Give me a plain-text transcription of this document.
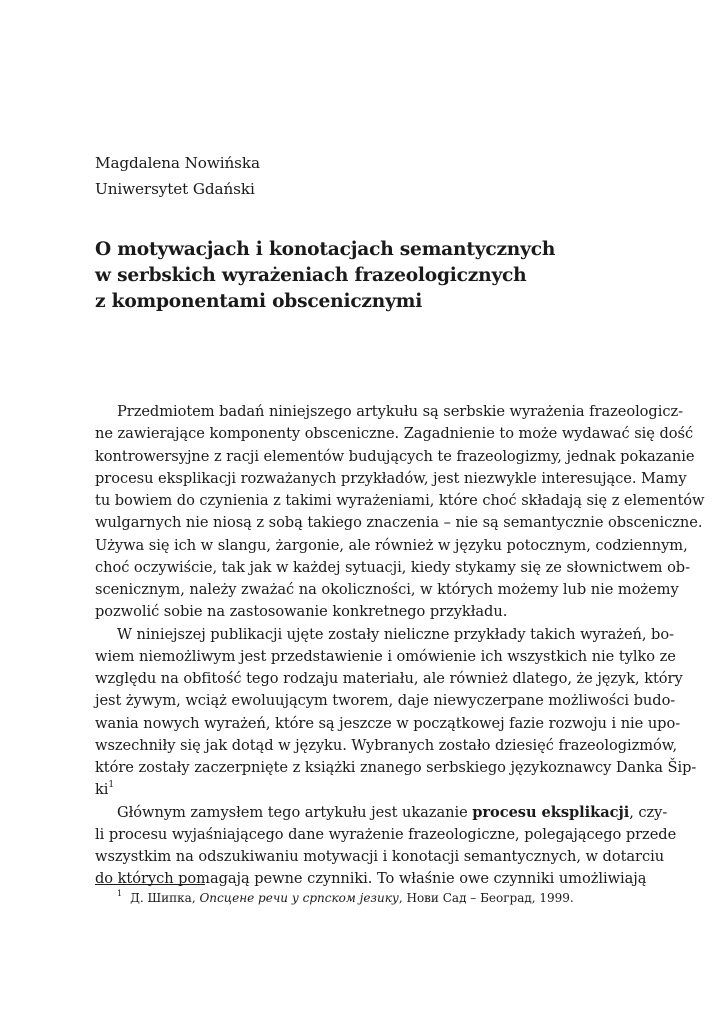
Magdalena Nowińska
Uniwersytet Gdański
O motywacjach i konotacjach semantycznych
w serbskich wyrażeniach frazeologicznych
z komponentami obscenicznymi
Przedmiotem badań niniejszego artykułu są serbskie wyrażenia frazeologicz-
ne zawierające komponenty obsceniczne. Zagadnienie to może wydawać się dość
kontrowersyjne z racji elementów budujących te frazeologizmy, jednak pokazanie
procesu eksplikacji rozważanych przykładów, jest niezwykle interesujące. Mamy
tu bowiem do czynienia z takimi wyrażeniami, które choć składają się z elementów
wulgarnych nie niosą z sobą takiego znaczenia – nie są semantycznie obsceniczne.
Używa się ich w slangu, żargonie, ale również w języku potocznym, codziennym,
choć oczywiście, tak jak w każdej sytuacji, kiedy stykamy się ze słownictwem ob-
scenicznym, należy zważać na okoliczności, w których możemy lub nie możemy
pozwolić sobie na zastosowanie konkretnego przykładu.
W niniejszej publikacji ujęte zostały nieliczne przykłady takich wyrażeń, bo-
wiem niemożliwym jest przedstawienie i omówienie ich wszystkich nie tylko ze
względu na obfitość tego rodzaju materiału, ale również dlatego, że język, który
jest żywym, wciąż ewoluującym tworem, daje niewyczerpane możliwości budo-
wania nowych wyrażeń, które są jeszcze w początkowej fazie rozwoju i nie upo-
wszechniły się jak dotąd w języku. Wybranych zostało dziesięć frazeologizmów,
które zostały zaczerpnięte z książki znanego serbskiego językoznawcy Danka Šip-
$ki^1$
Głównym zamysłem tego artykułu jest ukazanie procesu eksplikacji, czy-
li procesu wyjaśniającego dane wyrażenie frazeologiczne, polegającego przede
wszystkim na odszukiwaniu motywacji i konotacji semantycznych, w dotarciu
do których pomagają pewne czynniki. To właśnie owe czynniki umożliwiają
$^1$ Д. Шипка, Опсцене речи у српском језику, Нови Сад – Београд, 1999.
